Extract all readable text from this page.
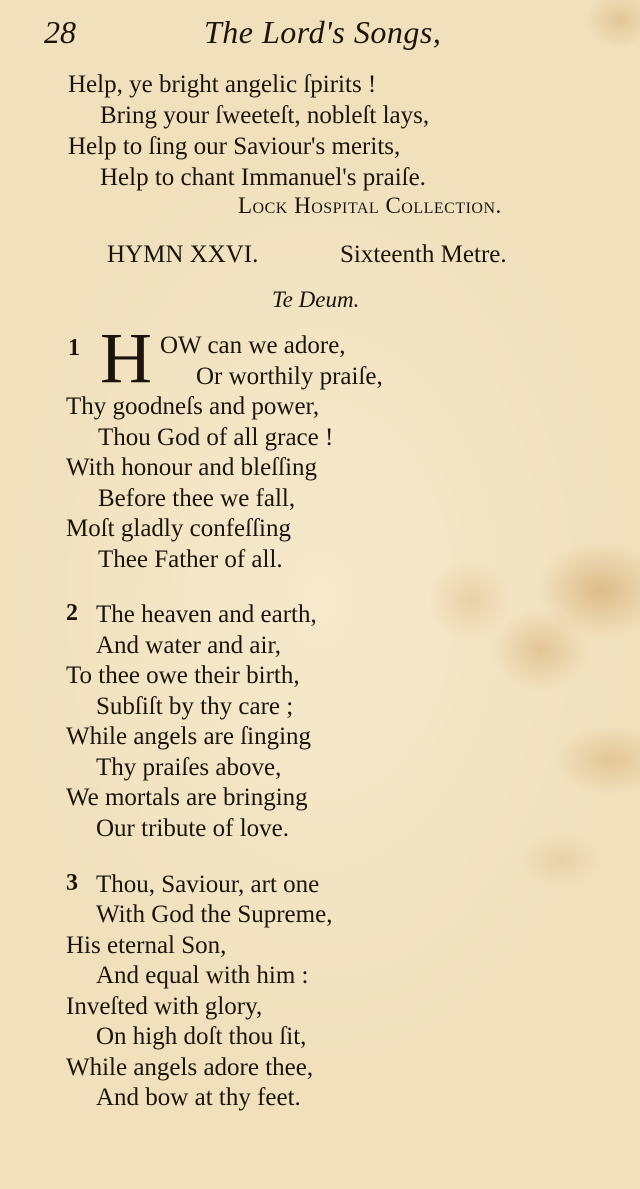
28	The Lord's Songs,
Help, ye bright angelic ſpirits !
Bring your ſweeteſt, nobleſt lays,
Help to ſing our Saviour's merits,
Help to chant Immanuel's praiſe.
Lock Hospital Collection.
HYMN XXVI.	Sixteenth Metre.
Te Deum.
1 H OW can we adore,
Or worthily praiſe,
Thy goodneſs and power,
Thou God of all grace !
With honour and bleſſing
Before thee we fall,
Moſt gladly confeſſing
Thee Father of all.
2 The heaven and earth,
And water and air,
To thee owe their birth,
Subſiſt by thy care ;
While angels are ſinging
Thy praiſes above,
We mortals are bringing
Our tribute of love.
3 Thou, Saviour, art one
With God the Supreme,
His eternal Son,
And equal with him :
Inveſted with glory,
On high doſt thou ſit,
While angels adore thee,
And bow at thy feet.
